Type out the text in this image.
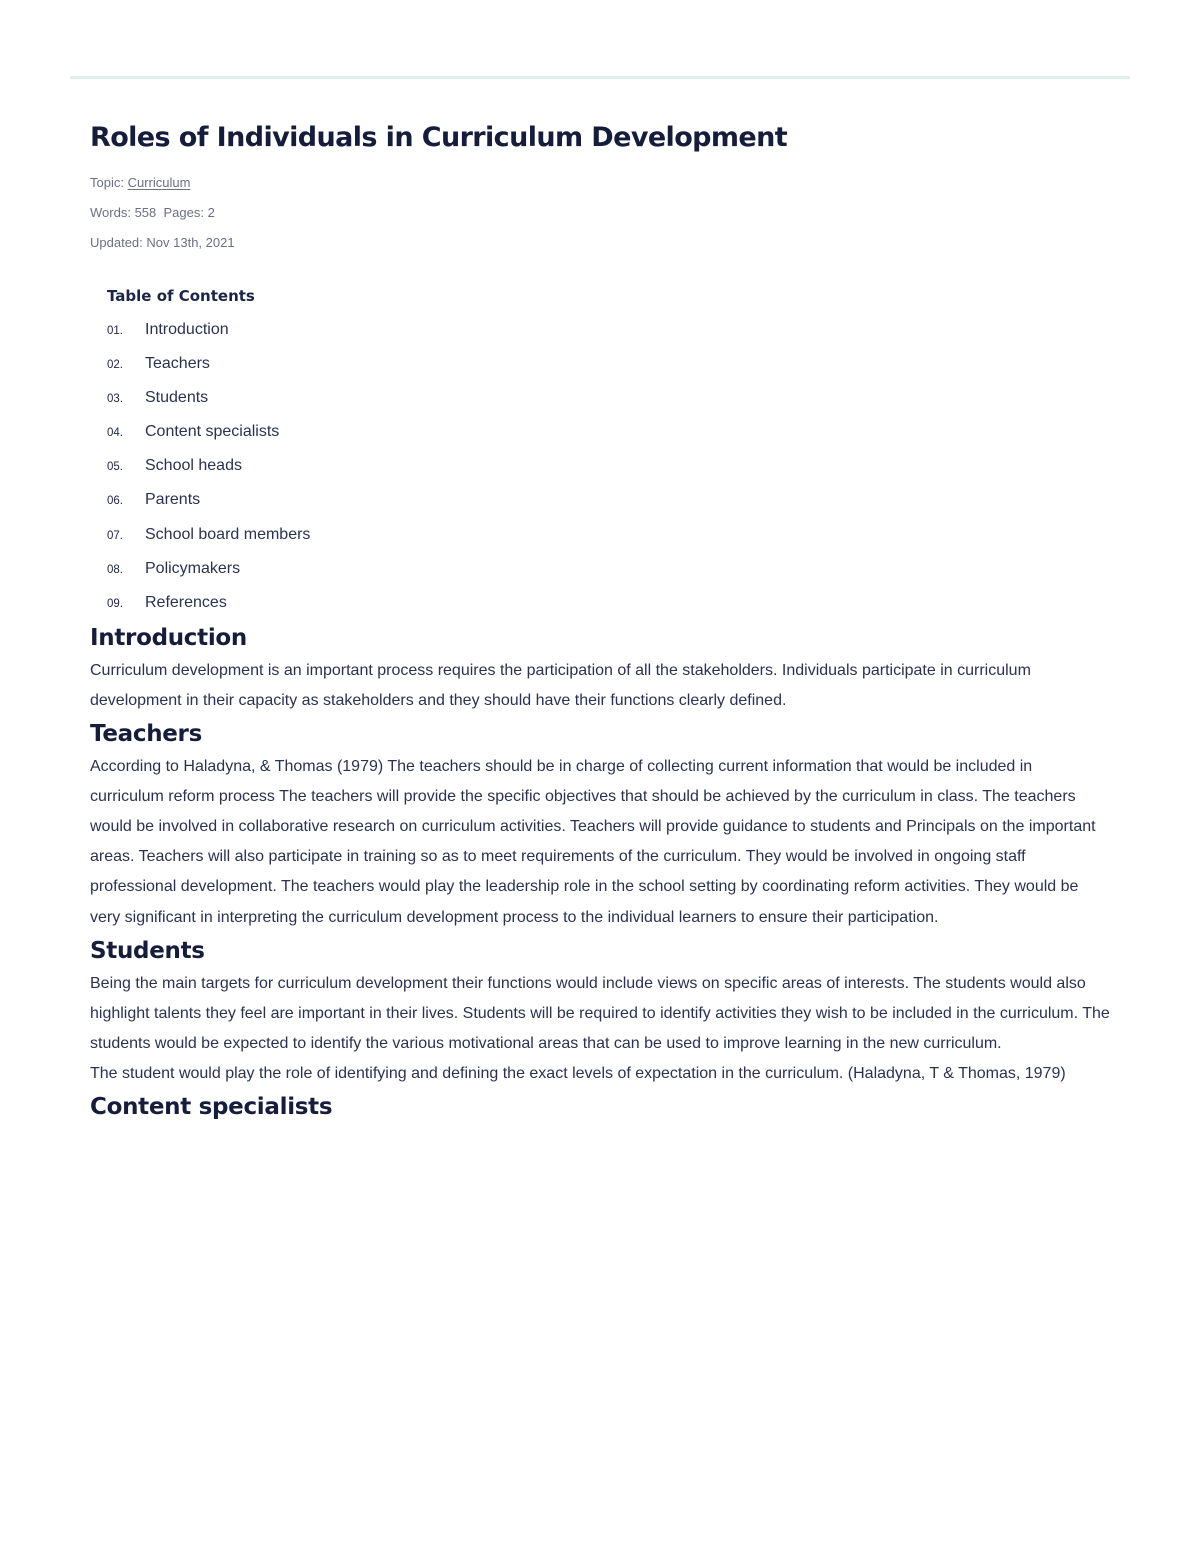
Roles of Individuals in Curriculum Development

Topic: Curriculum

Words: 558 Pages: 2

Updated: Nov 13th, 2021

Table of Contents
01.	Introduction
02.	Teachers
03.	Students
04.	Content specialists
05.	School heads
06.	Parents
07.	School board members
08.	Policymakers
09.	References
Introduction

Curriculum development is an important process requires the participation of all the stakeholders. Individuals participate in curriculum development in their capacity as stakeholders and they should have their functions clearly defined.

Teachers

According to Haladyna, & Thomas (1979) The teachers should be in charge of collecting current information that would be included in curriculum reform process The teachers will provide the specific objectives that should be achieved by the curriculum in class. The teachers would be involved in collaborative research on curriculum activities. Teachers will provide guidance to students and Principals on the important areas. Teachers will also participate in training so as to meet requirements of the curriculum. They would be involved in ongoing staff professional development. The teachers would play the leadership role in the school setting by coordinating reform activities. They would be very significant in interpreting the curriculum development process to the individual learners to ensure their participation.

Students

Being the main targets for curriculum development their functions would include views on specific areas of interests. The students would also highlight talents they feel are important in their lives. Students will be required to identify activities they wish to be included in the curriculum. The students would be expected to identify the various motivational areas that can be used to improve learning in the new curriculum.

The student would play the role of identifying and defining the exact levels of expectation in the curriculum. (Haladyna, T & Thomas, 1979)

Content specialists
